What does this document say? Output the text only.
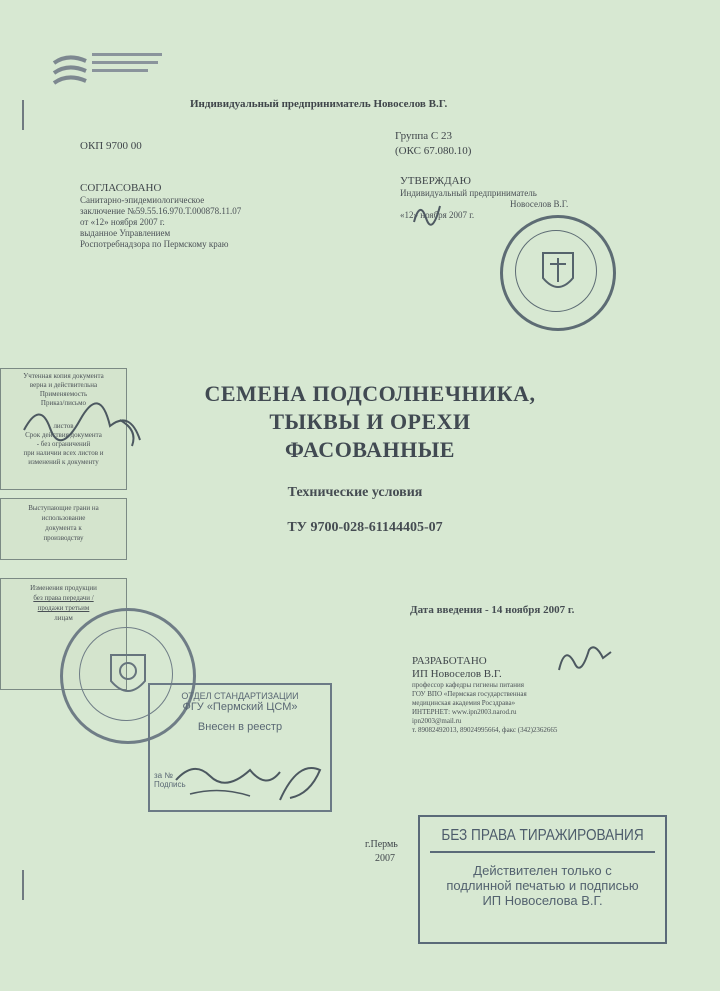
Индивидуальный предприниматель Новоселов В.Г.
ОКП 9700 00
Группа С 23
(ОКС 67.080.10)
СОГЛАСОВАНО
Санитарно-эпидемиологическое
заключение №59.55.16.970.Т.000878.11.07
от «12» ноября 2007 г.
выданное Управлением
Роспотребнадзора по Пермскому краю
УТВЕРЖДАЮ
Индивидуальный предприниматель
Новоселов В.Г.
«12» ноября 2007 г.
Учтенная копия документа
верна и действительна
Применяемость
Приказ/письмо
листов
Срок действия документа
- без ограничений
при наличии всех листов и
изменений к документу
Выступающие грани на
использование
документа к
производству
Изменения продукции
без права передачи /
продажи третьим
лицам
СЕМЕНА ПОДСОЛНЕЧНИКА,
ТЫКВЫ И ОРЕХИ
ФАСОВАННЫЕ
Технические условия
ТУ 9700-028-61144405-07
Дата введения - 14 ноября 2007 г.
РАЗРАБОТАНО
ИП Новоселов В.Г.
профессор кафедры гигиены питания
ГОУ ВПО «Пермская государственная
медицинская академия Росздрава»
ИНТЕРНЕТ: www.ipn2003.narod.ru
ipn2003@mail.ru
т. 89082492013, 89024995664, факс (342)2362665
ОТДЕЛ СТАНДАРТИЗАЦИИ
ФГУ «Пермский ЦСМ»
Внесен в реестр
за №
Подпись
г.Пермь
2007
БЕЗ ПРАВА ТИРАЖИРОВАНИЯ
Действителен только с
подлинной печатью и подписью
ИП Новоселова В.Г.
